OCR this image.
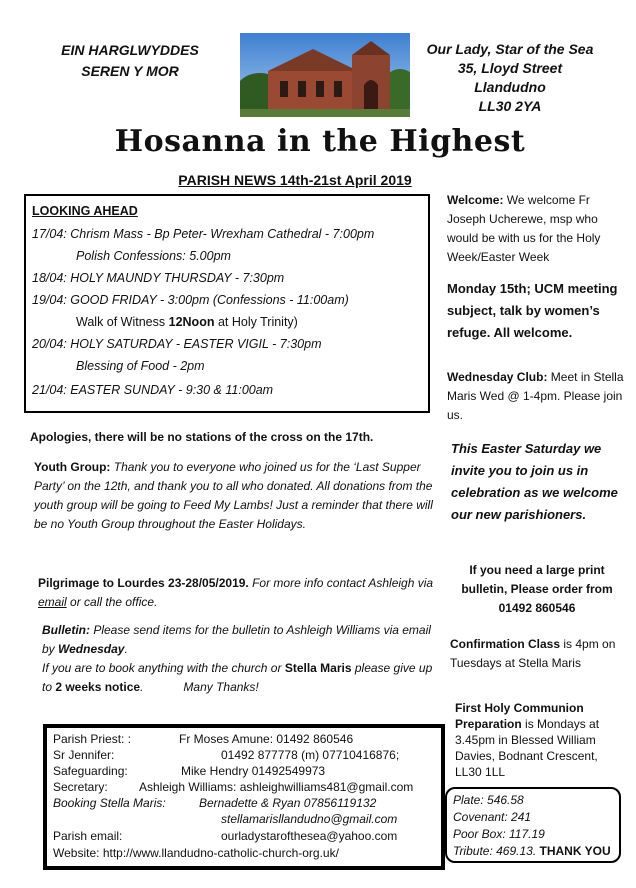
EIN HARGLWYDDES
SEREN Y MOR
Our Lady, Star of the Sea
35, Lloyd Street
Llandudno
LL30 2YA
Hosanna in the Highest
PARISH NEWS 14th-21st April 2019
LOOKING AHEAD
17/04: Chrism Mass - Bp Peter- Wrexham Cathedral - 7:00pm
Polish Confessions: 5.00pm
18/04: HOLY MAUNDY THURSDAY - 7:30pm
19/04: GOOD FRIDAY - 3:00pm (Confessions - 11:00am)
Walk of Witness 12Noon at Holy Trinity)
20/04: HOLY SATURDAY - EASTER VIGIL - 7:30pm
Blessing of Food - 2pm
21/04: EASTER SUNDAY - 9:30 & 11:00am
Apologies, there will be no stations of the cross on the 17th.
Youth Group: Thank you to everyone who joined us for the ‘Last Supper Party’ on the 12th, and thank you to all who donated. All donations from the youth group will be going to Feed My Lambs! Just a reminder that there will be no Youth Group throughout the Easter Holidays.
Pilgrimage to Lourdes 23-28/05/2019. For more info contact Ashleigh via email or call the office.
Bulletin: Please send items for the bulletin to Ashleigh Williams via email by Wednesday.
If you are to book anything with the church or Stella Maris please give up to 2 weeks notice.            Many Thanks!
Parish Priest: :	Fr Moses Amune: 01492 860546
Sr Jennifer:	01492 877778 (m) 07710416876;
Safeguarding:	Mike Hendry 01492549973
Secretary:	Ashleigh Williams: ashleighwilliams481@gmail.com
Booking Stella Maris:	Bernadette & Ryan 07856119132
stellamarisllandudno@gmail.com
Parish email:	ourladystarofthesea@yahoo.com
Website: http://www.llandudno-catholic-church-org.uk/
Welcome: We welcome Fr Joseph Ucherewe, msp who would be with us for the Holy Week/Easter Week
Monday 15th; UCM meeting subject, talk by women’s refuge. All welcome.
Wednesday Club: Meet in Stella Maris Wed @ 1-4pm. Please join us.
This Easter Saturday we invite you to join us in celebration as we welcome our new parishioners.
If you need a large print bulletin, Please order from 01492 860546
Confirmation Class is 4pm on Tuesdays at Stella Maris
First Holy Communion Preparation is Mondays at 3.45pm in Blessed William Davies, Bodnant Crescent, LL30 1LL
Plate: 546.58
Covenant: 241
Poor Box: 117.19
Tribute: 469.13. THANK YOU
